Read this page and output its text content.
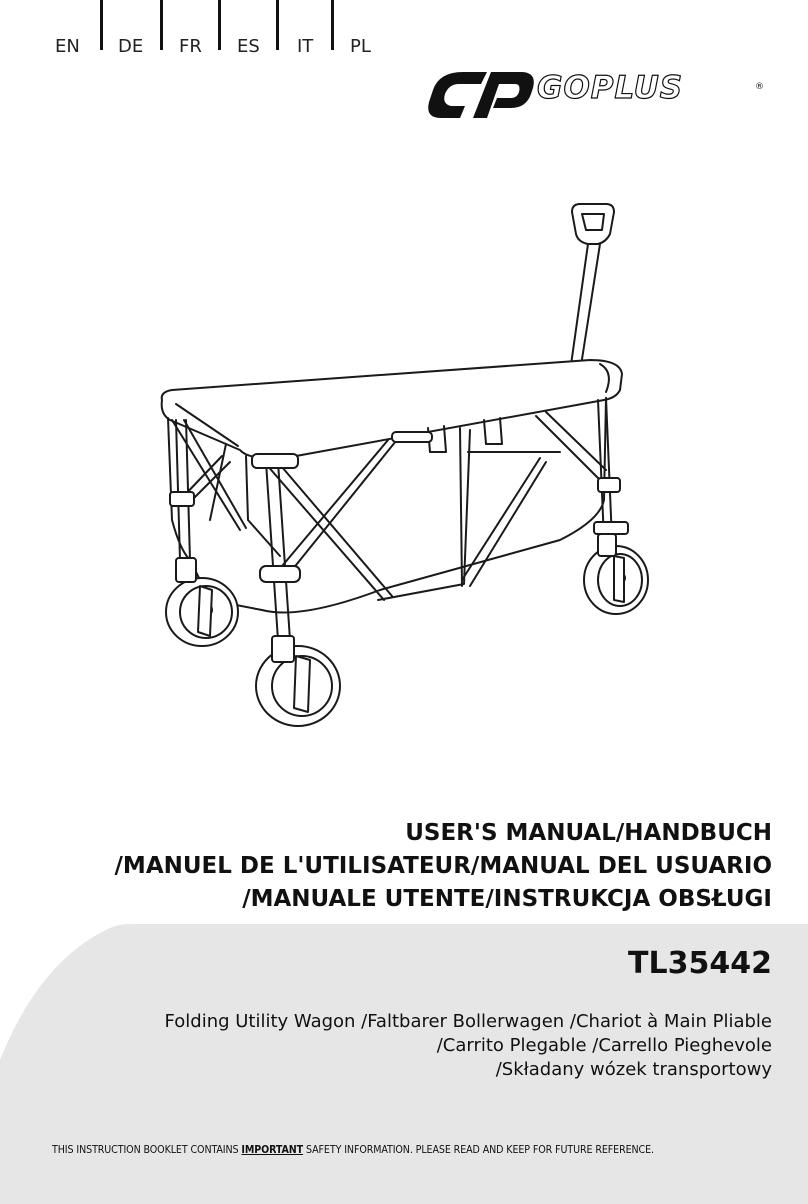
EN DE FR ES IT PL
GOPLUS	®
USER'S MANUAL/HANDBUCH
/MANUEL DE L'UTILISATEUR/MANUAL DEL USUARIO
/MANUALE UTENTE/INSTRUKCJA OBSŁUGI
TL35442
Folding Utility Wagon /Faltbarer Bollerwagen /Chariot à Main Pliable
/Carrito Plegable /Carrello Pieghevole
/Składany wózek transportowy
THIS INSTRUCTION BOOKLET CONTAINS IMPORTANT SAFETY INFORMATION. PLEASE READ AND KEEP FOR FUTURE REFERENCE.
